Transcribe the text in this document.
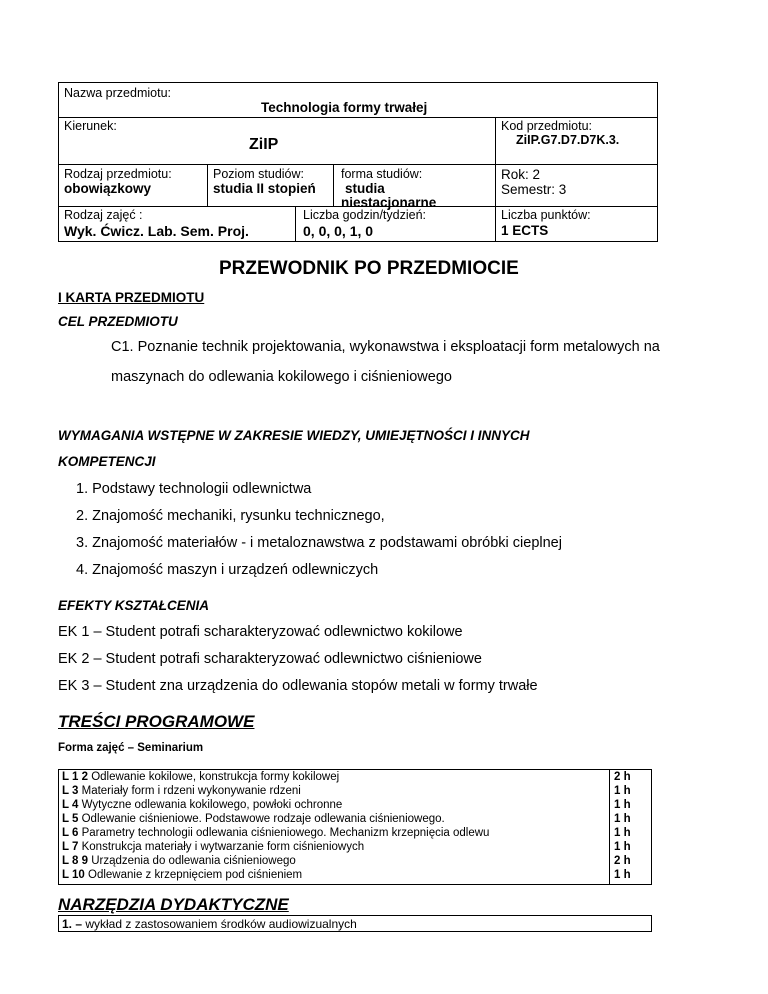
Nazwa przedmiotu:
Technologia formy trwałej
Kierunek:
ZiIP
Kod przedmiotu:
ZiIP.G7.D7.D7K.3.
Rodzaj przedmiotu:
obowiązkowy
Poziom studiów:
studia II stopień
forma studiów:
studia
niestacjonarne
Rok: 2
Semestr: 3
Rodzaj zajęć :
Wyk. Ćwicz. Lab. Sem. Proj.
Liczba godzin/tydzień:
0, 0, 0, 1, 0
Liczba punktów:
1 ECTS
PRZEWODNIK PO PRZEDMIOCIE
I KARTA PRZEDMIOTU
CEL PRZEDMIOTU
C1. Poznanie technik projektowania, wykonawstwa i eksploatacji form metalowych na
maszynach do odlewania kokilowego i ciśnieniowego
WYMAGANIA WSTĘPNE W ZAKRESIE WIEDZY, UMIEJĘTNOŚCI I INNYCH
KOMPETENCJI
1. Podstawy technologii odlewnictwa
2. Znajomość mechaniki, rysunku technicznego,
3. Znajomość materiałów - i metaloznawstwa z podstawami obróbki cieplnej
4. Znajomość maszyn i urządzeń odlewniczych
EFEKTY KSZTAŁCENIA
EK 1 – Student potrafi scharakteryzować odlewnictwo kokilowe
EK 2 – Student potrafi scharakteryzować odlewnictwo ciśnieniowe
EK 3 – Student zna urządzenia do odlewania stopów metali w formy trwałe
TREŚCI PROGRAMOWE
Forma zajęć – Seminarium
L 1 2 Odlewanie kokilowe, konstrukcja formy kokilowej	2 h
L 3 Materiały form i rdzeni wykonywanie rdzeni	1 h
L 4 Wytyczne odlewania kokilowego, powłoki ochronne	1 h
L 5 Odlewanie ciśnieniowe. Podstawowe rodzaje odlewania ciśnieniowego.	1 h
L 6 Parametry technologii odlewania ciśnieniowego. Mechanizm krzepnięcia odlewu	1 h
L 7 Konstrukcja materiały i wytwarzanie form ciśnieniowych	1 h
L 8 9 Urządzenia do odlewania ciśnieniowego	2 h
L 10 Odlewanie z krzepnięciem pod ciśnieniem	1 h
NARZĘDZIA DYDAKTYCZNE
1. – wykład z zastosowaniem środków audiowizualnych
